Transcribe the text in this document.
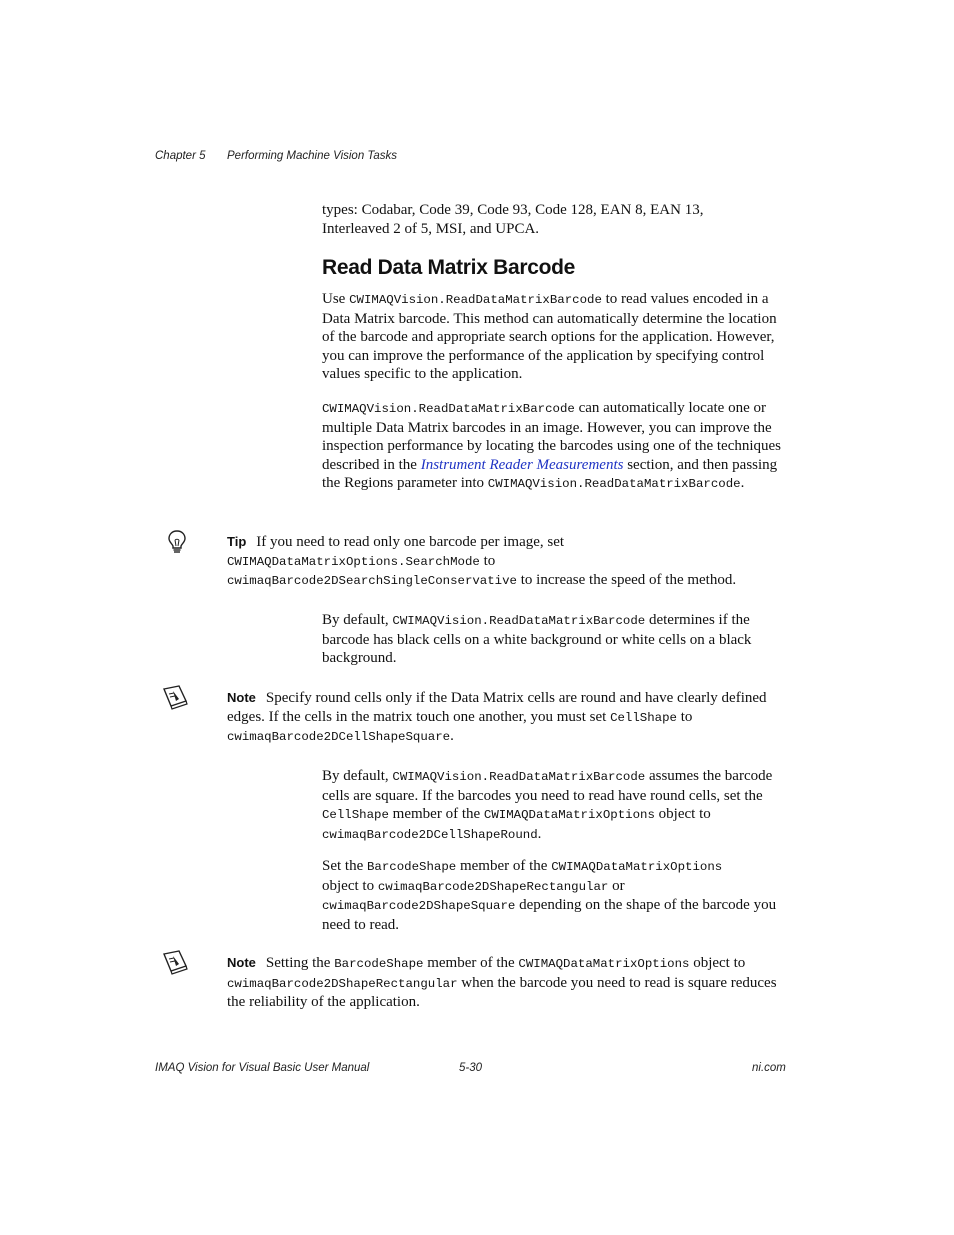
Chapter 5 Performing Machine Vision Tasks

types: Codabar, Code 39, Code 93, Code 128, EAN 8, EAN 13,
Interleaved 2 of 5, MSI, and UPCA.

Read Data Matrix Barcode

Use CWIMAQVision.ReadDataMatrixBarcode to read values encoded in a Data Matrix barcode. This method can automatically determine the location of the barcode and appropriate search options for the application. However, you can improve the performance of the application by specifying control values specific to the application.

CWIMAQVision.ReadDataMatrixBarcode can automatically locate one or multiple Data Matrix barcodes in an image. However, you can improve the inspection performance by locating the barcodes using one of the techniques described in the Instrument Reader Measurements section, and then passing the Regions parameter into CWIMAQVision.ReadDataMatrixBarcode.

Tip If you need to read only one barcode per image, set
CWIMAQDataMatrixOptions.SearchMode to
cwimaqBarcode2DSearchSingleConservative to increase the speed of the method.

By default, CWIMAQVision.ReadDataMatrixBarcode determines if the barcode has black cells on a white background or white cells on a black background.

Note Specify round cells only if the Data Matrix cells are round and have clearly defined edges. If the cells in the matrix touch one another, you must set CellShape to cwimaqBarcode2DCellShapeSquare.

By default, CWIMAQVision.ReadDataMatrixBarcode assumes the barcode cells are square. If the barcodes you need to read have round cells, set the CellShape member of the CWIMAQDataMatrixOptions object to cwimaqBarcode2DCellShapeRound.

Set the BarcodeShape member of the CWIMAQDataMatrixOptions
object to cwimaqBarcode2DShapeRectangular or
cwimaqBarcode2DShapeSquare depending on the shape of the barcode you need to read.

Note Setting the BarcodeShape member of the CWIMAQDataMatrixOptions object to
cwimaqBarcode2DShapeRectangular when the barcode you need to read is square reduces the reliability of the application.

IMAQ Vision for Visual Basic User Manual	5-30	ni.com
